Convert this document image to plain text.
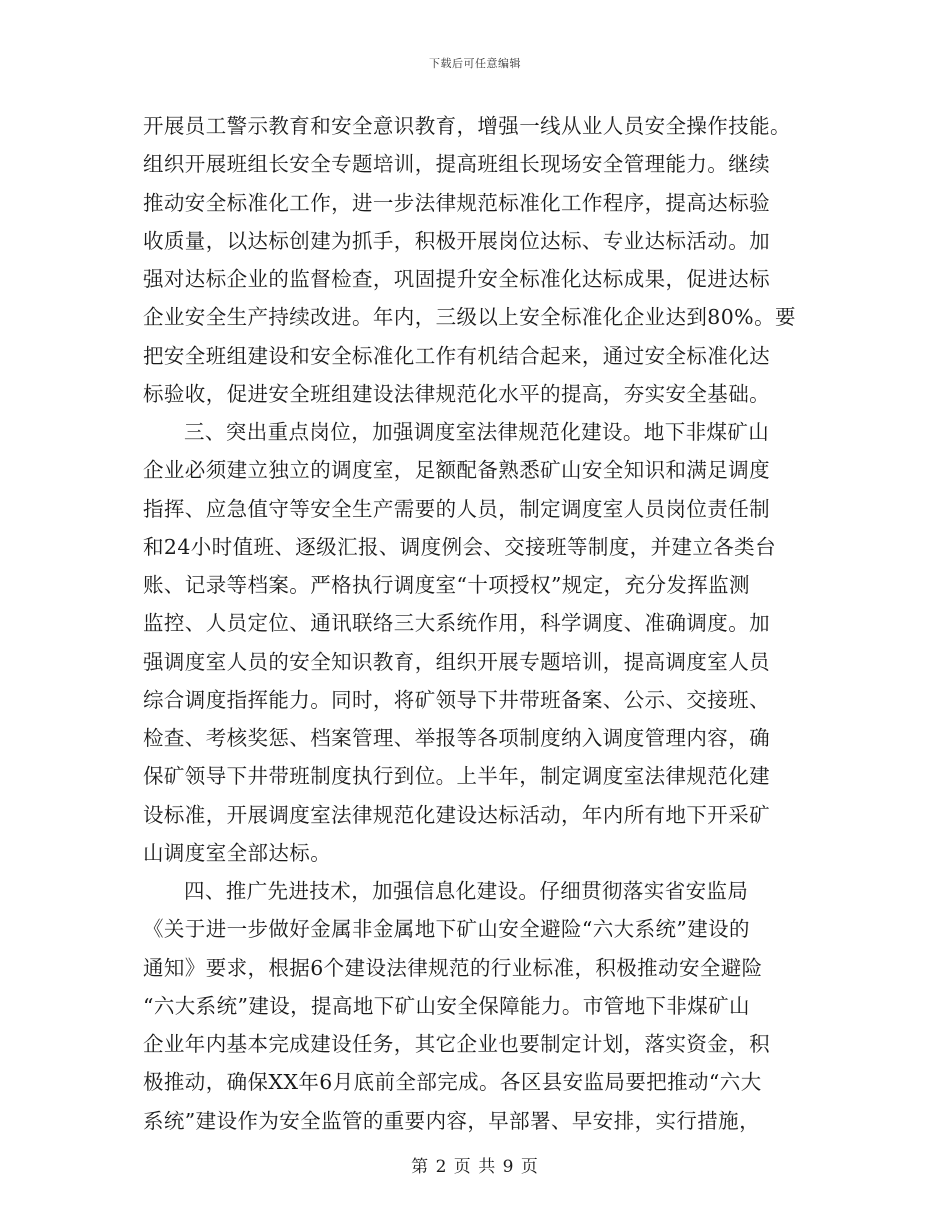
下载后可任意编辑
开展员工警示教育和安全意识教育，增强一线从业人员安全操作技能。
组织开展班组长安全专题培训，提高班组长现场安全管理能力。继续
推动安全标准化工作，进一步法律规范标准化工作程序，提高达标验
收质量，以达标创建为抓手，积极开展岗位达标、专业达标活动。加
强对达标企业的监督检查，巩固提升安全标准化达标成果，促进达标
企业安全生产持续改进。年内，三级以上安全标准化企业达到80%。要
把安全班组建设和安全标准化工作有机结合起来，通过安全标准化达
标验收，促进安全班组建设法律规范化水平的提高，夯实安全基础。
三、突出重点岗位，加强调度室法律规范化建设。地下非煤矿山
企业必须建立独立的调度室，足额配备熟悉矿山安全知识和满足调度
指挥、应急值守等安全生产需要的人员，制定调度室人员岗位责任制
和24小时值班、逐级汇报、调度例会、交接班等制度，并建立各类台
账、记录等档案。严格执行调度室“十项授权”规定，充分发挥监测
监控、人员定位、通讯联络三大系统作用，科学调度、准确调度。加
强调度室人员的安全知识教育，组织开展专题培训，提高调度室人员
综合调度指挥能力。同时，将矿领导下井带班备案、公示、交接班、
检查、考核奖惩、档案管理、举报等各项制度纳入调度管理内容，确
保矿领导下井带班制度执行到位。上半年，制定调度室法律规范化建
设标准，开展调度室法律规范化建设达标活动，年内所有地下开采矿
山调度室全部达标。
四、推广先进技术，加强信息化建设。仔细贯彻落实省安监局
《关于进一步做好金属非金属地下矿山安全避险“六大系统”建设的
通知》要求，根据6个建设法律规范的行业标准，积极推动安全避险
“六大系统”建设，提高地下矿山安全保障能力。市管地下非煤矿山
企业年内基本完成建设任务，其它企业也要制定计划，落实资金，积
极推动，确保XX年6月底前全部完成。各区县安监局要把推动“六大
系统”建设作为安全监管的重要内容，早部署、早安排，实行措施，
第 2 页 共 9 页
